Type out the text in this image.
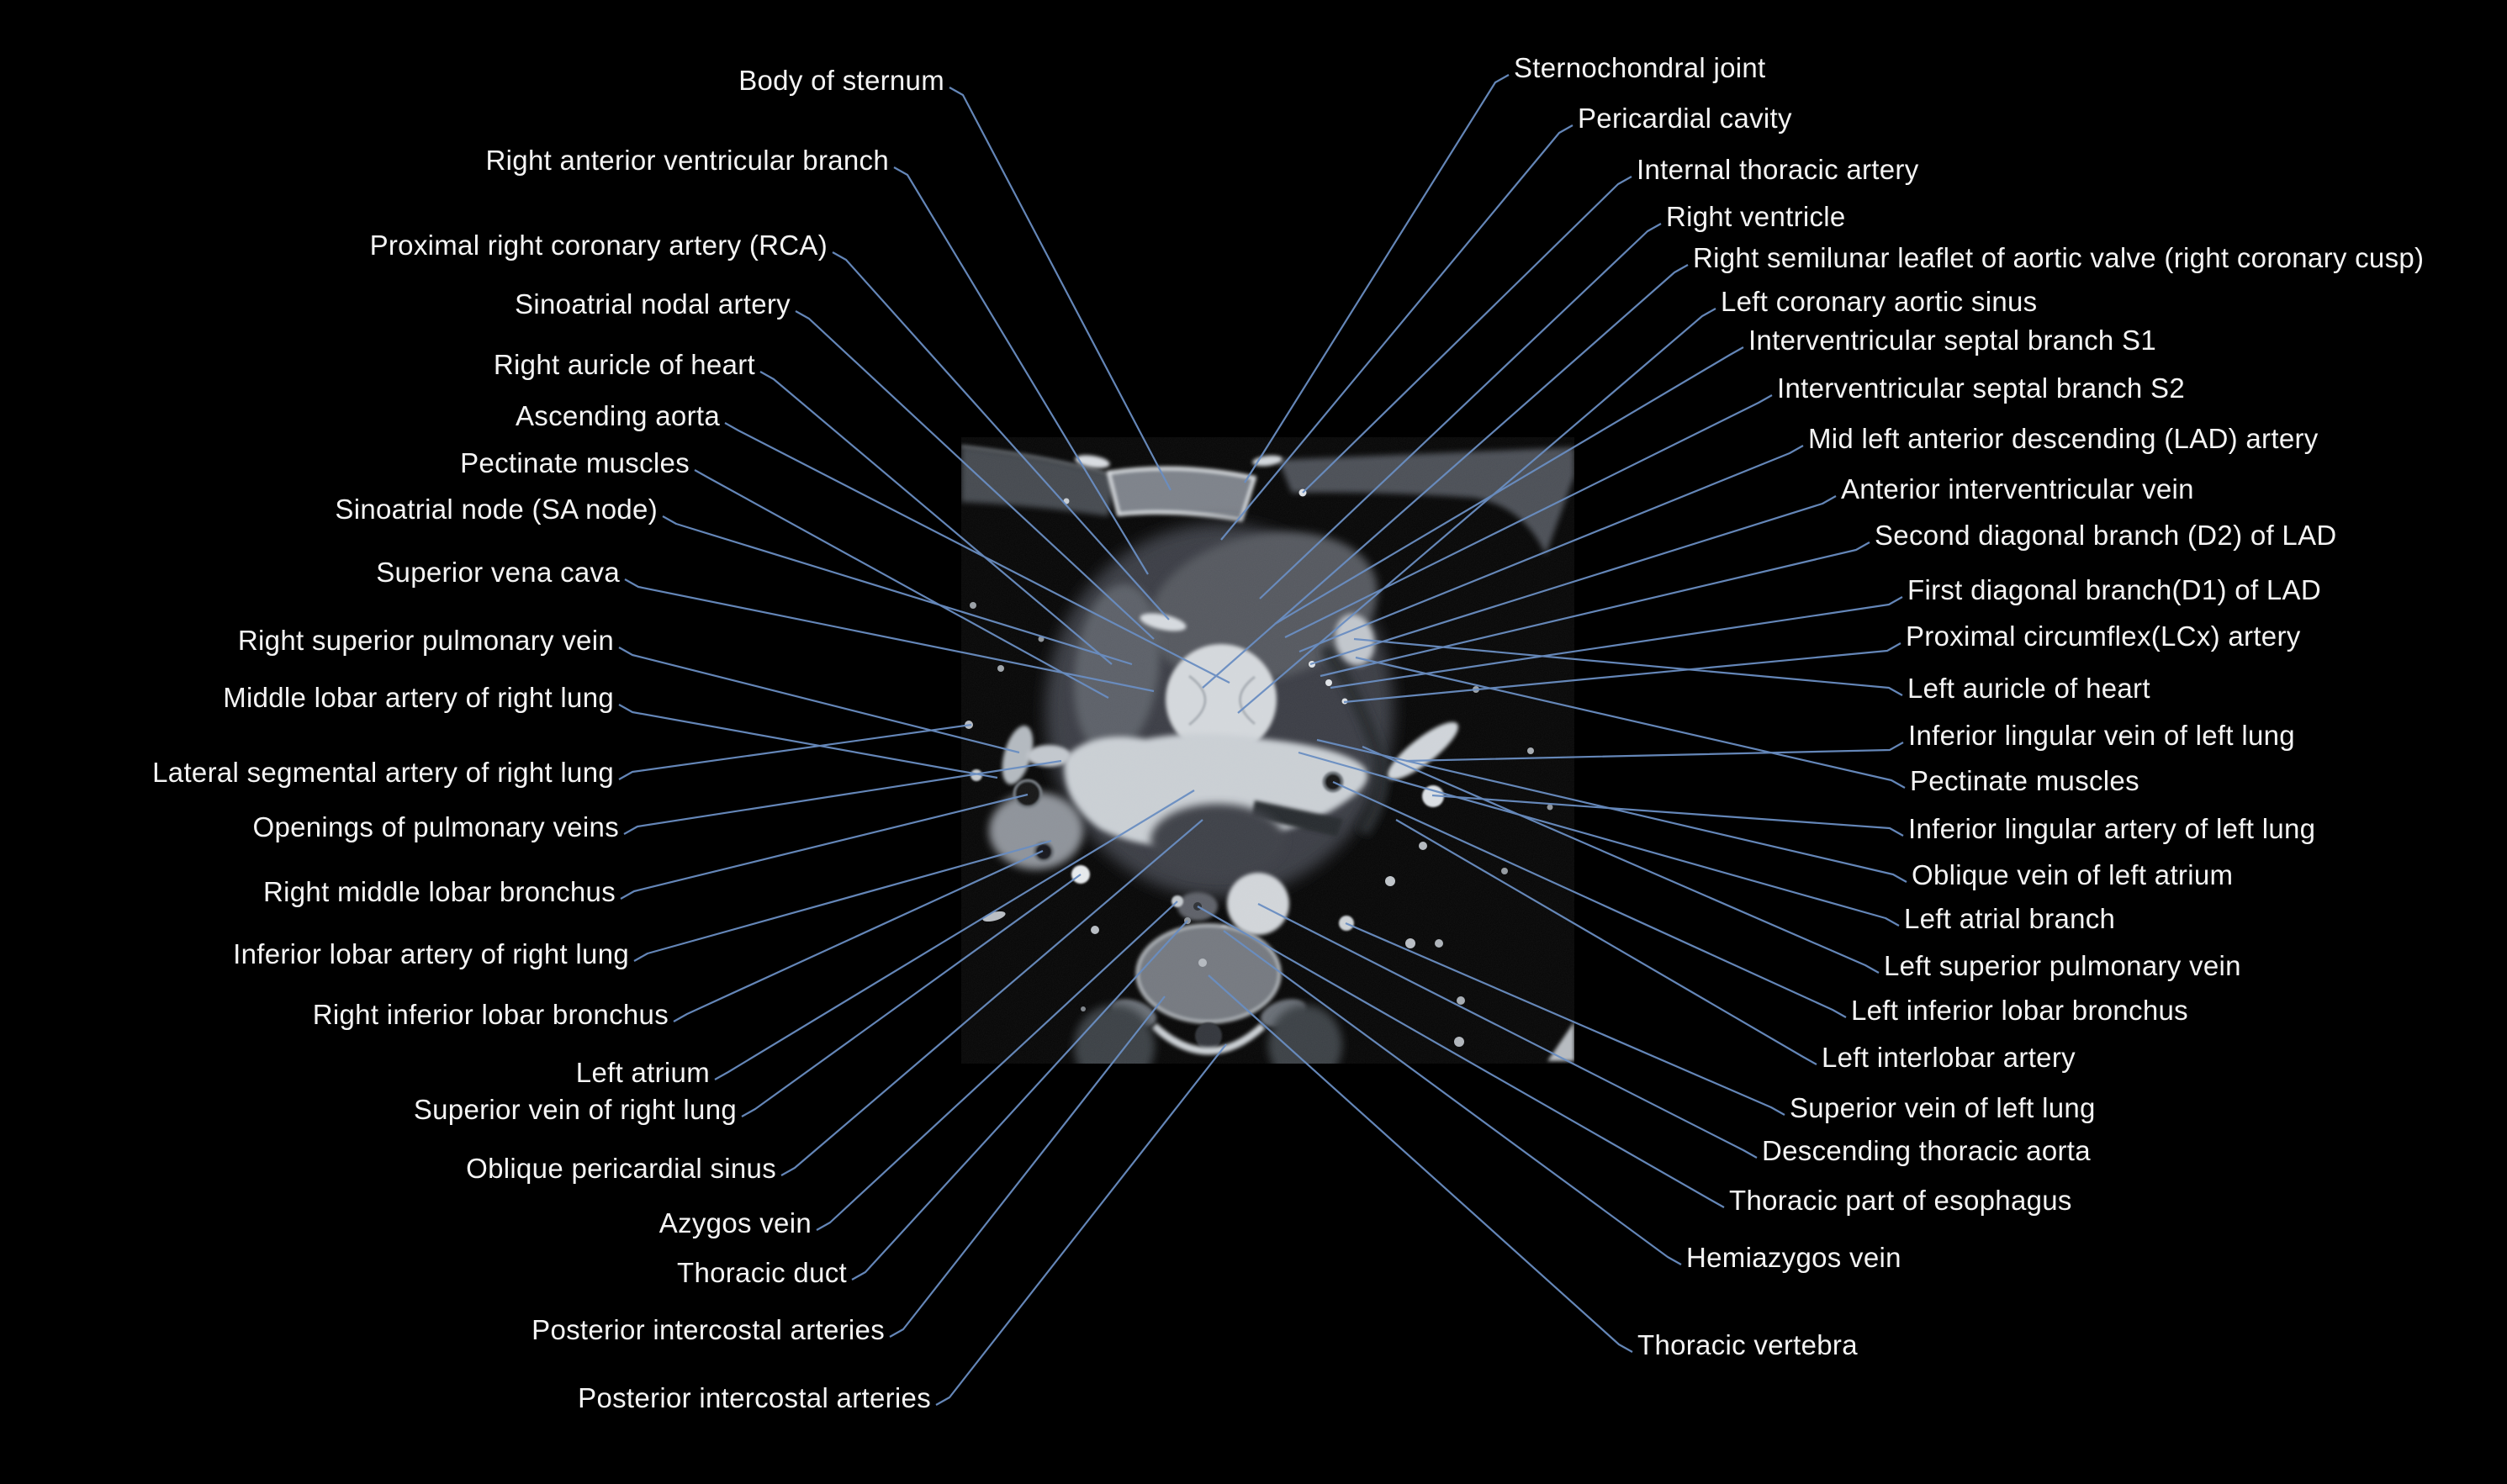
Body of sternum
Right anterior ventricular branch
Proximal right coronary artery (RCA)
Sinoatrial nodal artery
Right auricle of heart
Ascending aorta
Pectinate muscles
Sinoatrial node (SA node)
Superior vena cava
Right superior pulmonary vein
Middle lobar artery of right lung
Lateral segmental artery of right lung
Openings of pulmonary veins
Right middle lobar bronchus
Inferior lobar artery of right lung
Right inferior lobar bronchus
Left atrium
Superior vein of right lung
Oblique pericardial sinus
Azygos vein
Thoracic duct
Posterior intercostal arteries
Posterior intercostal arteries
Sternochondral joint
Pericardial cavity
Internal thoracic artery
Right ventricle
Right semilunar leaflet of aortic valve (right coronary cusp)
Left coronary aortic sinus
Interventricular septal branch S1
Interventricular septal branch S2
Mid left anterior descending (LAD) artery
Anterior interventricular vein
Second diagonal branch (D2) of LAD
First diagonal branch(D1) of LAD
Proximal circumflex(LCx) artery
Left auricle of heart
Inferior lingular vein of left lung
Pectinate muscles
Inferior lingular artery of left lung
Oblique vein of left atrium
Left atrial branch
Left superior pulmonary vein
Left inferior lobar bronchus
Left interlobar artery
Superior vein of left lung
Descending thoracic aorta
Thoracic part of esophagus
Hemiazygos vein
Thoracic vertebra
